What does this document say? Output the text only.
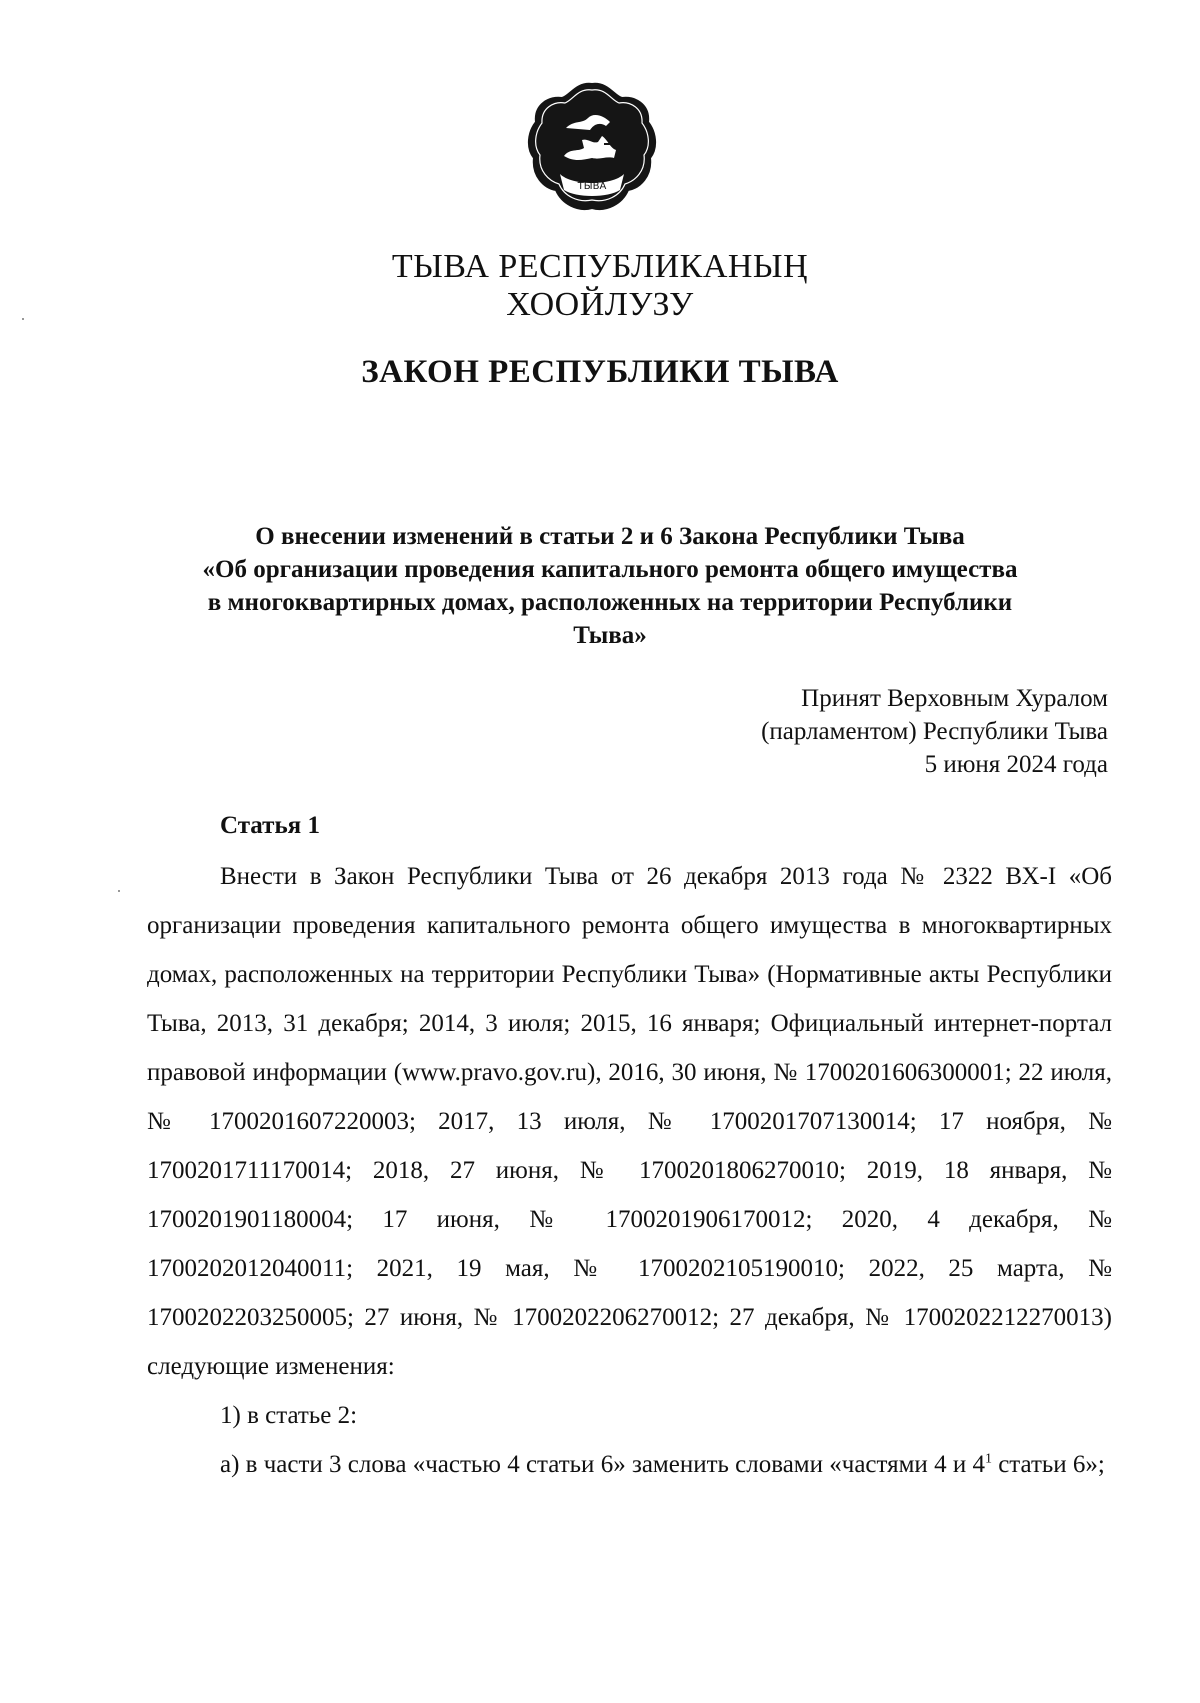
ТЫВА
ТЫВА РЕСПУБЛИКАНЫҢ
ХООЙЛУЗУ
ЗАКОН РЕСПУБЛИКИ ТЫВА
О внесении изменений в статьи 2 и 6 Закона Республики Тыва
«Об организации проведения капитального ремонта общего имущества
в многоквартирных домах, расположенных на территории Республики
Тыва»
Принят Верховным Хуралом
(парламентом) Республики Тыва
5 июня 2024 года
Статья 1

Внести в Закон Республики Тыва от 26 декабря 2013 года № 2322 ВХ-I «Об организации проведения капитального ремонта общего имущества в многоквартирных домах, расположенных на территории Республики Тыва» (Нормативные акты Республики Тыва, 2013, 31 декабря; 2014, 3 июля; 2015, 16 января; Официальный интернет-портал правовой информации (www.pravo.gov.ru), 2016, 30 июня, № 1700201606300001; 22 июля, № 1700201607220003; 2017, 13 июля, № 1700201707130014; 17 ноября, № 1700201711170014; 2018, 27 июня, № 1700201806270010; 2019, 18 января, № 1700201901180004; 17 июня, № 1700201906170012; 2020, 4 декабря, № 1700202012040011; 2021, 19 мая, № 1700202105190010; 2022, 25 марта, № 1700202203250005; 27 июня, № 1700202206270012; 27 декабря, № 1700202212270013) следующие изменения:

1) в статье 2:

а) в части 3 слова «частью 4 статьи 6» заменить словами «частями 4 и $4^1$ статьи 6»;
